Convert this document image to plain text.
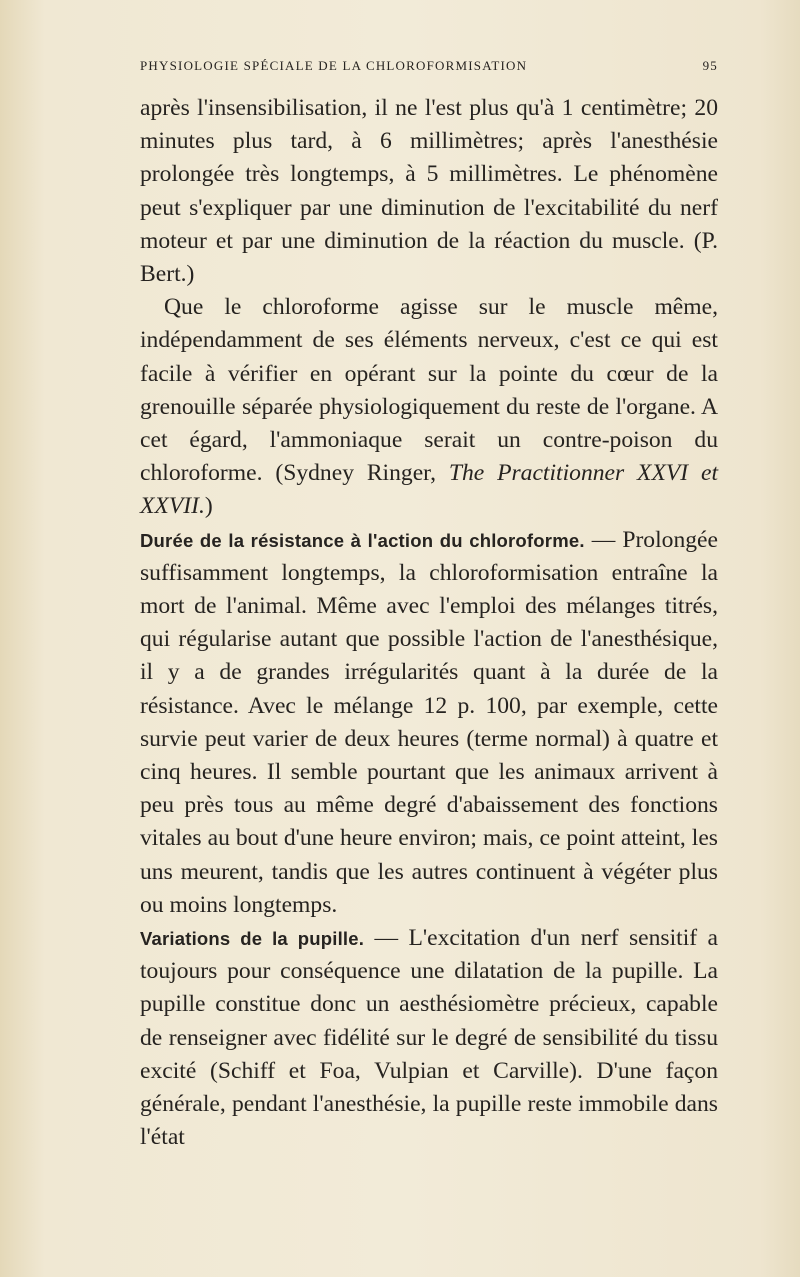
PHYSIOLOGIE SPÉCIALE DE LA CHLOROFORMISATION	95

après l'insensibilisation, il ne l'est plus qu'à 1 centimètre; 20 minutes plus tard, à 6 millimètres; après l'anesthésie prolongée très longtemps, à 5 millimètres. Le phénomène peut s'expliquer par une diminution de l'excitabilité du nerf moteur et par une diminution de la réaction du muscle. (P. Bert.)

Que le chloroforme agisse sur le muscle même, indépendamment de ses éléments nerveux, c'est ce qui est facile à vérifier en opérant sur la pointe du cœur de la grenouille séparée physiologiquement du reste de l'organe. A cet égard, l'ammoniaque serait un contre-poison du chloroforme. (Sydney Ringer, The Practitionner XXVI et XXVII.)

Durée de la résistance à l'action du chloroforme. — Prolongée suffisamment longtemps, la chloroformisation entraîne la mort de l'animal. Même avec l'emploi des mélanges titrés, qui régularise autant que possible l'action de l'anesthésique, il y a de grandes irrégularités quant à la durée de la résistance. Avec le mélange 12 p. 100, par exemple, cette survie peut varier de deux heures (terme normal) à quatre et cinq heures. Il semble pourtant que les animaux arrivent à peu près tous au même degré d'abaissement des fonctions vitales au bout d'une heure environ; mais, ce point atteint, les uns meurent, tandis que les autres continuent à végéter plus ou moins longtemps.

Variations de la pupille. — L'excitation d'un nerf sensitif a toujours pour conséquence une dilatation de la pupille. La pupille constitue donc un aesthésiomètre précieux, capable de renseigner avec fidélité sur le degré de sensibilité du tissu excité (Schiff et Foa, Vulpian et Carville). D'une façon générale, pendant l'anesthésie, la pupille reste immobile dans l'état
